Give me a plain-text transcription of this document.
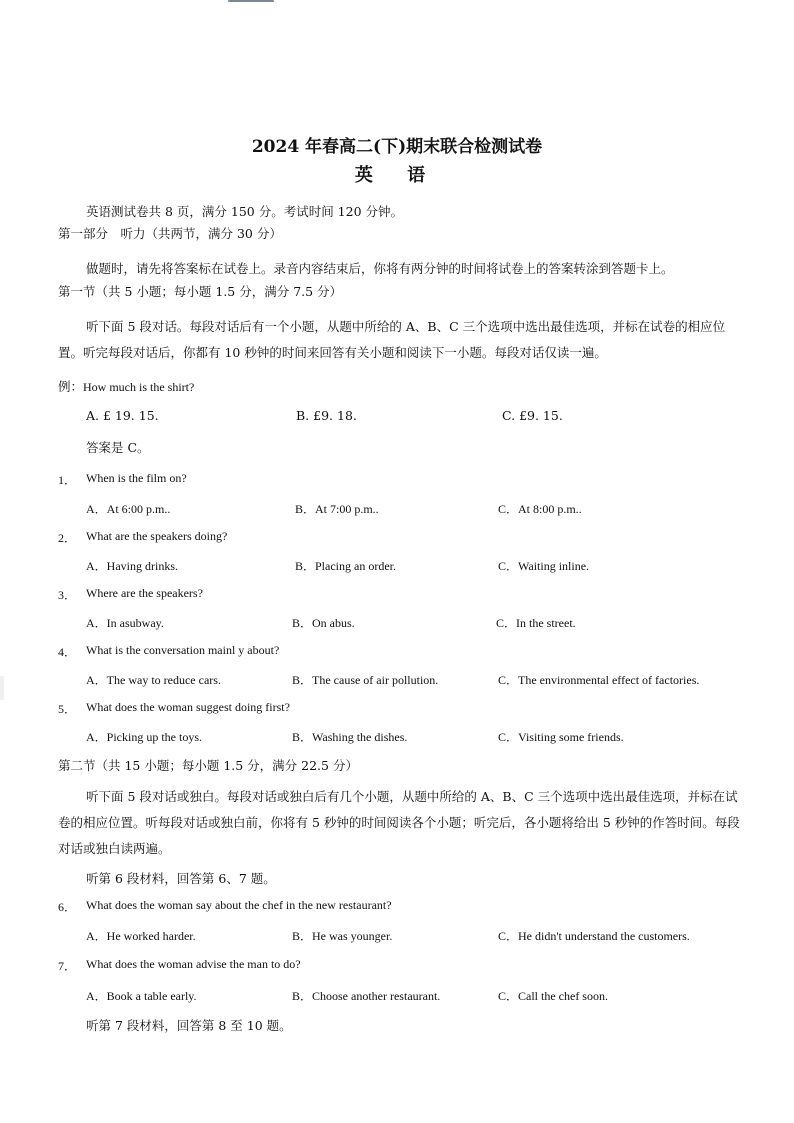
2024 年春高二(下)期末联合检测试卷
英 语
英语测试卷共 8 页，满分 150 分。考试时间 120 分钟。
第一部分　听力（共两节，满分 30 分）
做题时，请先将答案标在试卷上。录音内容结束后，你将有两分钟的时间将试卷上的答案转涂到答题卡上。
第一节（共 5 小题；每小题 1.5 分，满分 7.5 分）
听下面 5 段对话。每段对话后有一个小题，从题中所给的 A、B、C 三个选项中选出最佳选项，并标在试卷的相应位置。听完每段对话后，你都有 10 秒钟的时间来回答有关小题和阅读下一小题。每段对话仅读一遍。
例：How much is the shirt?
A. £ 19. 15.	B. £9. 18.	C. £9. 15.
答案是 C。
1． When is the film on?
A．At 6:00 p.m..	B．At 7:00 p.m..	C．At 8:00 p.m..
2． What are the speakers doing?
A．Having drinks.	B．Placing an order.	C．Waiting inline.
3． Where are the speakers?
A．In asubway.	B．On abus.	C．In the street.
4． What is the conversation mainl y about?
A．The way to reduce cars.	B．The cause of air pollution.	C．The environmental effect of factories.
5． What does the woman suggest doing first?
A．Picking up the toys.	B．Washing the dishes.	C．Visiting some friends.
第二节（共 15 小题；每小题 1.5 分，满分 22.5 分）
听下面 5 段对话或独白。每段对话或独白后有几个小题，从题中所给的 A、B、C 三个选项中选出最佳选项，并标在试卷的相应位置。听每段对话或独白前，你将有 5 秒钟的时间阅读各个小题；听完后，各小题将给出 5 秒钟的作答时间。每段对话或独白读两遍。
听第 6 段材料，回答第 6、7 题。
6． What does the woman say about the chef in the new restaurant?
A．He worked harder.	B．He was younger.	C．He didn't understand the customers.
7． What does the woman advise the man to do?
A．Book a table early.	B．Choose another restaurant.	C．Call the chef soon.
听第 7 段材料，回答第 8 至 10 题。
